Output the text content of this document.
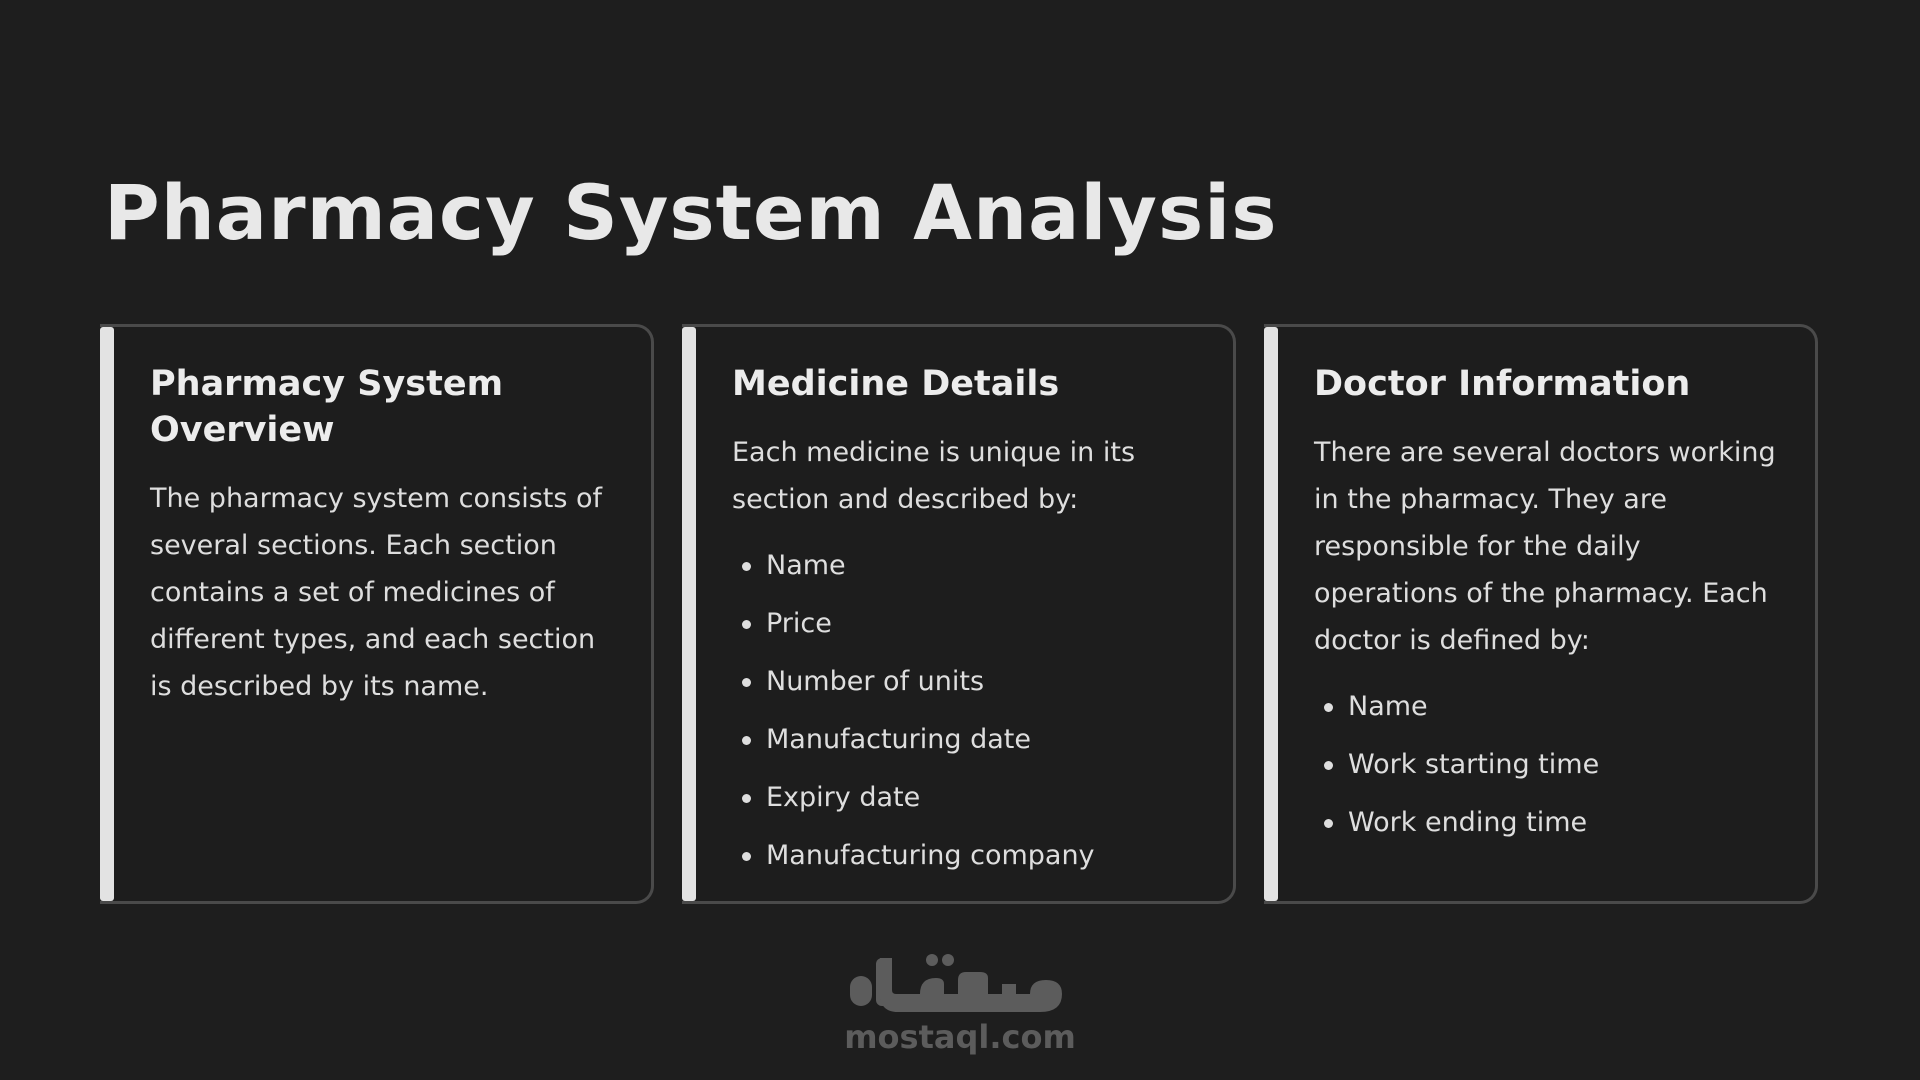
Pharmacy System Analysis
Pharmacy System Overview

The pharmacy system consists of several sections. Each section contains a set of medicines of different types, and each section is described by its name.

Medicine Details

Each medicine is unique in its section and described by:

Name
Price
Number of units
Manufacturing date
Expiry date
Manufacturing company
Doctor Information

There are several doctors working in the pharmacy. They are responsible for the daily operations of the pharmacy. Each doctor is defined by:

Name
Work starting time
Work ending time
mostaql.com
